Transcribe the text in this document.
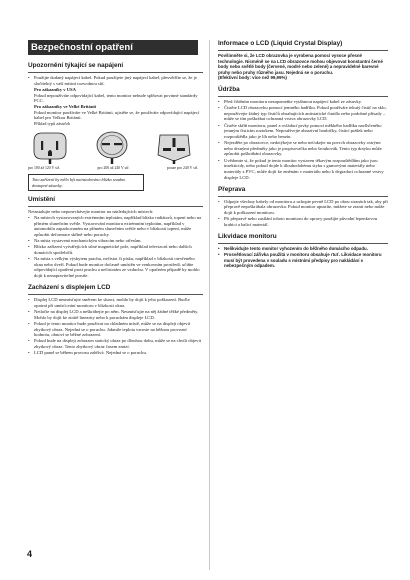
Bezpečnostní opatření
Upozornění týkající se napájení
• Použijte dodaný napájecí kabel. Pokud použijete jiný napájecí kabel, přesvědčte se, že je slučitelný s vaší místní rozvodnou sítí.

Pro zákazníky v USA

Pokud nepoužíváte odpovídající kabel, tento monitor nebude splňovat povinné standardy FCC.

Pro zákazníky ve Velké Británii

Pokud monitor používáte ve Velké Británii, ujistěte se, že používáte odpovídající napájecí kabel pro Velkou Británii.

Příklad typů zástrček

pro 100 až 120 V stř.	pro 200 až 240 V stř.	pouze pro 240 V stř.

Toto zařízení by mělo být nainstalováno blízko snadno dostupné zásuvky.

Umístění

Neinstalujte nebo neponechávejte monitor na následujících místech:

• Na místech vystavovaných extrémním teplotám, například blízko radiátorů, topení nebo na přímém slunečním světle. Vystavování monitoru extrémním teplotám, například v automobilu zaparkovaném na přímém slunečním světle nebo v blízkosti topení, může způsobit deformace skříně nebo poruchy.
• Na místa vystavená mechanickým vibracím nebo otřesům.
• Blízko zařízení vytvářejících silné magnetické pole, například televizorů nebo dalších domácích spotřebičů.
• Na místa s velkým výskytem prachu, nečistot či písku, například v blízkosti otevřeného okna nebo dveří. Pokud bude monitor dočasně umístěn ve venkovním prostředí, učiňte odpovídající opatření proti prachu a nečistotám ze vzduchu. V opačném případě by mohlo dojít k nenapravitelné poruše.
Zacházení s displejem LCD
• Displej LCD neumísťujte směrem ke slunci, mohlo by dojít k jeho poškození. Buďte opatrní při umísťování monitoru v blízkosti okna.
• Netlačte na displej LCD a neškrábejte po něm. Neumísťujte na něj žádné těžké předměty. Mohlo by dojít ke ztrátě linearity nebo k poruchám displeje LCD.
• Pokud je tento monitor bude používat na chladném místě, může se na displeji objevit zbytkový obraz. Nejedná se o poruchu. Jakmile teplota vzroste na běžnou provozní hodnotu, obnoví se běžné zobrazení.
• Pokud bude na displeji zobrazen statický obraz po dlouhou dobu, může se na chvíli objevit zbytkový obraz. Tento zbytkový obraz časem zmizí.
• LCD panel se během provozu zahřívá. Nejedná se o poruchu.
Informace o LCD (Liquid Crystal Display)

Povšimněte si, že LCD obrazovka je vyrobena pomocí vysoce přesné technologie. Nicméně se na LCD obrazovce mohou objevovat konstantní černé body nebo světlé body (červené, modré nebo zelené) a nepravidelné barevné pruhy nebo pruhy různého jasu. Nejedná se o poruchu.

(Efektivní body: více než 99,99%)

Údržba
• Před čištěním monitoru nezapomeňte vytáhnout napájecí kabel ze zásuvky.
• Čistěte LCD obrazovku pomocí jemného hadříku. Pokud používáte tekutý čistič na sklo, nepoužívejte žádný typ čističů obsahujících antistatické činidlo nebo podobné přísady – může se tím poškrábat ochranná vrstva obrazovky LCD.
• Čistěte skříň monitoru, panel a ovládací prvky pomocí měkkého hadříku navlhčeného jemným čisticím roztokem. Nepoužívejte abrazivní houbičky, čisticí prášek nebo rozpouštědla jako je líh nebo benzín.
• Nejezděte po obrazovce, nedotýkejte se nebo neťukejte na povrch obrazovky ostrými nebo drsnými předměty jako je propisovačka nebo šroubovák. Tento typ dotyku může způsobit poškrábání obrazovky.
• Uvědomte si, že pokud je tento monitor vystaven těkavým rozpouštědlům jako jsou insekticidy, nebo pokud dojde k dlouhodobému styku s gumovými materiály nebo materiály z PVC, může dojít ke změnám v materiálu nebo k degradaci ochranné vrstvy displeje LCD.
Přeprava
• Odpojte všechny kabely od monitoru a uchopte pevně LCD po obou stranách tak, aby při přepravě nepoškrábala obrazovka. Pokud monitor upustíte, můžete se zranit nebo může dojít k poškození monitoru.
• Při přepravě nebo zasílání tohoto monitoru do opravy použijte původní lepenkovou krabici a balicí materiál.
Likvidace monitoru
• Nelikvidujte tento monitor vyhozením do běžného domácího odpadu.
• Prosvětlovací zářivka použitá v monitoru obsahuje rtuť. Likvidace monitoru musí být provedena v souladu s místními předpisy pro nakládání s nebezpečným odpadem.
4
